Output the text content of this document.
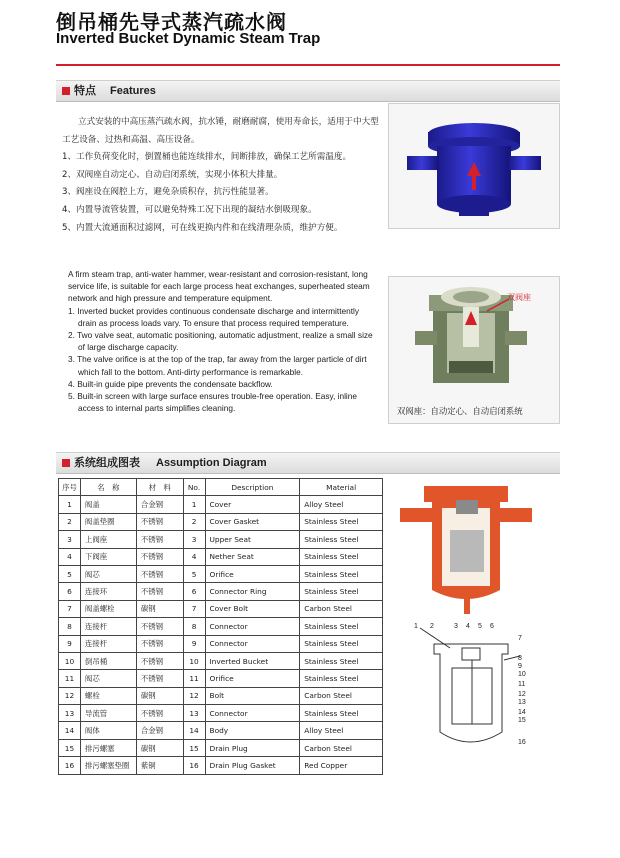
倒吊桶先导式蒸汽疏水阀
Inverted Bucket Dynamic Steam Trap
特点 Features
立式安装的中高压蒸汽疏水阀，抗水锤，耐磨耐腐，使用寿命长，适用于中大型工艺设备、过热和高温、高压设备。
1、工作负荷变化时，倒置桶也能连续排水，间断排放，确保工艺所需温度。
2、双阀座自动定心、自动启闭系统，实现小体积大排量。
3、阀座设在阀腔上方，避免杂质积存，抗污性能显著。
4、内置导流管装置，可以避免特殊工况下出现的凝结水倒吸现象。
5、内置大流通面积过滤网，可在线更换内件和在线清理杂质，维护方便。

A firm steam trap, anti-water hammer, wear-resistant and corrosion-resistant, long service life, is suitable for each large process heat exchanges, superheated steam network and high pressure and temperature equipment.

1. Inverted bucket provides continuous condensate discharge and intermittently drain as process loads vary. To ensure that process required temperature.

2. Two valve seat, automatic positioning, automatic adjustment, realize a small size of large discharge capacity.

3. The valve orifice is at the top of the trap, far away from the larger particle of dirt which fall to the bottom. Anti-dirty performance is remarkable.

4. Built-in guide pipe prevents the condensate backflow.

5. Built-in screen with large surface ensures trouble-free operation. Easy, inline access to internal parts simplifies cleaning.

双阀座
双阀座：自动定心、自动启闭系统
系统组成图表 Assumption Diagram
序号	名　称	材　料	No.	Description	Material
1	阀盖	合金钢	1	Cover	Alloy Steel
2	阀盖垫圈	不锈钢	2	Cover Gasket	Stainless Steel
3	上阀座	不锈钢	3	Upper Seat	Stainless Steel
4	下阀座	不锈钢	4	Nether Seat	Stainless Steel
5	阀芯	不锈钢	5	Orifice	Stainless Steel
6	连接环	不锈钢	6	Connector Ring	Stainless Steel
7	阀盖螺栓	碳钢	7	Cover Bolt	Carbon Steel
8	连接杆	不锈钢	8	Connector	Stainless Steel
9	连接杆	不锈钢	9	Connector	Stainless Steel
10	倒吊桶	不锈钢	10	Inverted Bucket	Stainless Steel
11	阀芯	不锈钢	11	Orifice	Stainless Steel
12	螺栓	碳钢	12	Bolt	Carbon Steel
13	导流管	不锈钢	13	Connector	Stainless Steel
14	阀体	合金钢	14	Body	Alloy Steel
15	排污螺塞	碳钢	15	Drain Plug	Carbon Steel
16	排污螺塞垫圈	紫铜	16	Drain Plug Gasket	Red Copper
1 2	3 4 5 6
7
8
9
10
11
12
13
14
15
16
